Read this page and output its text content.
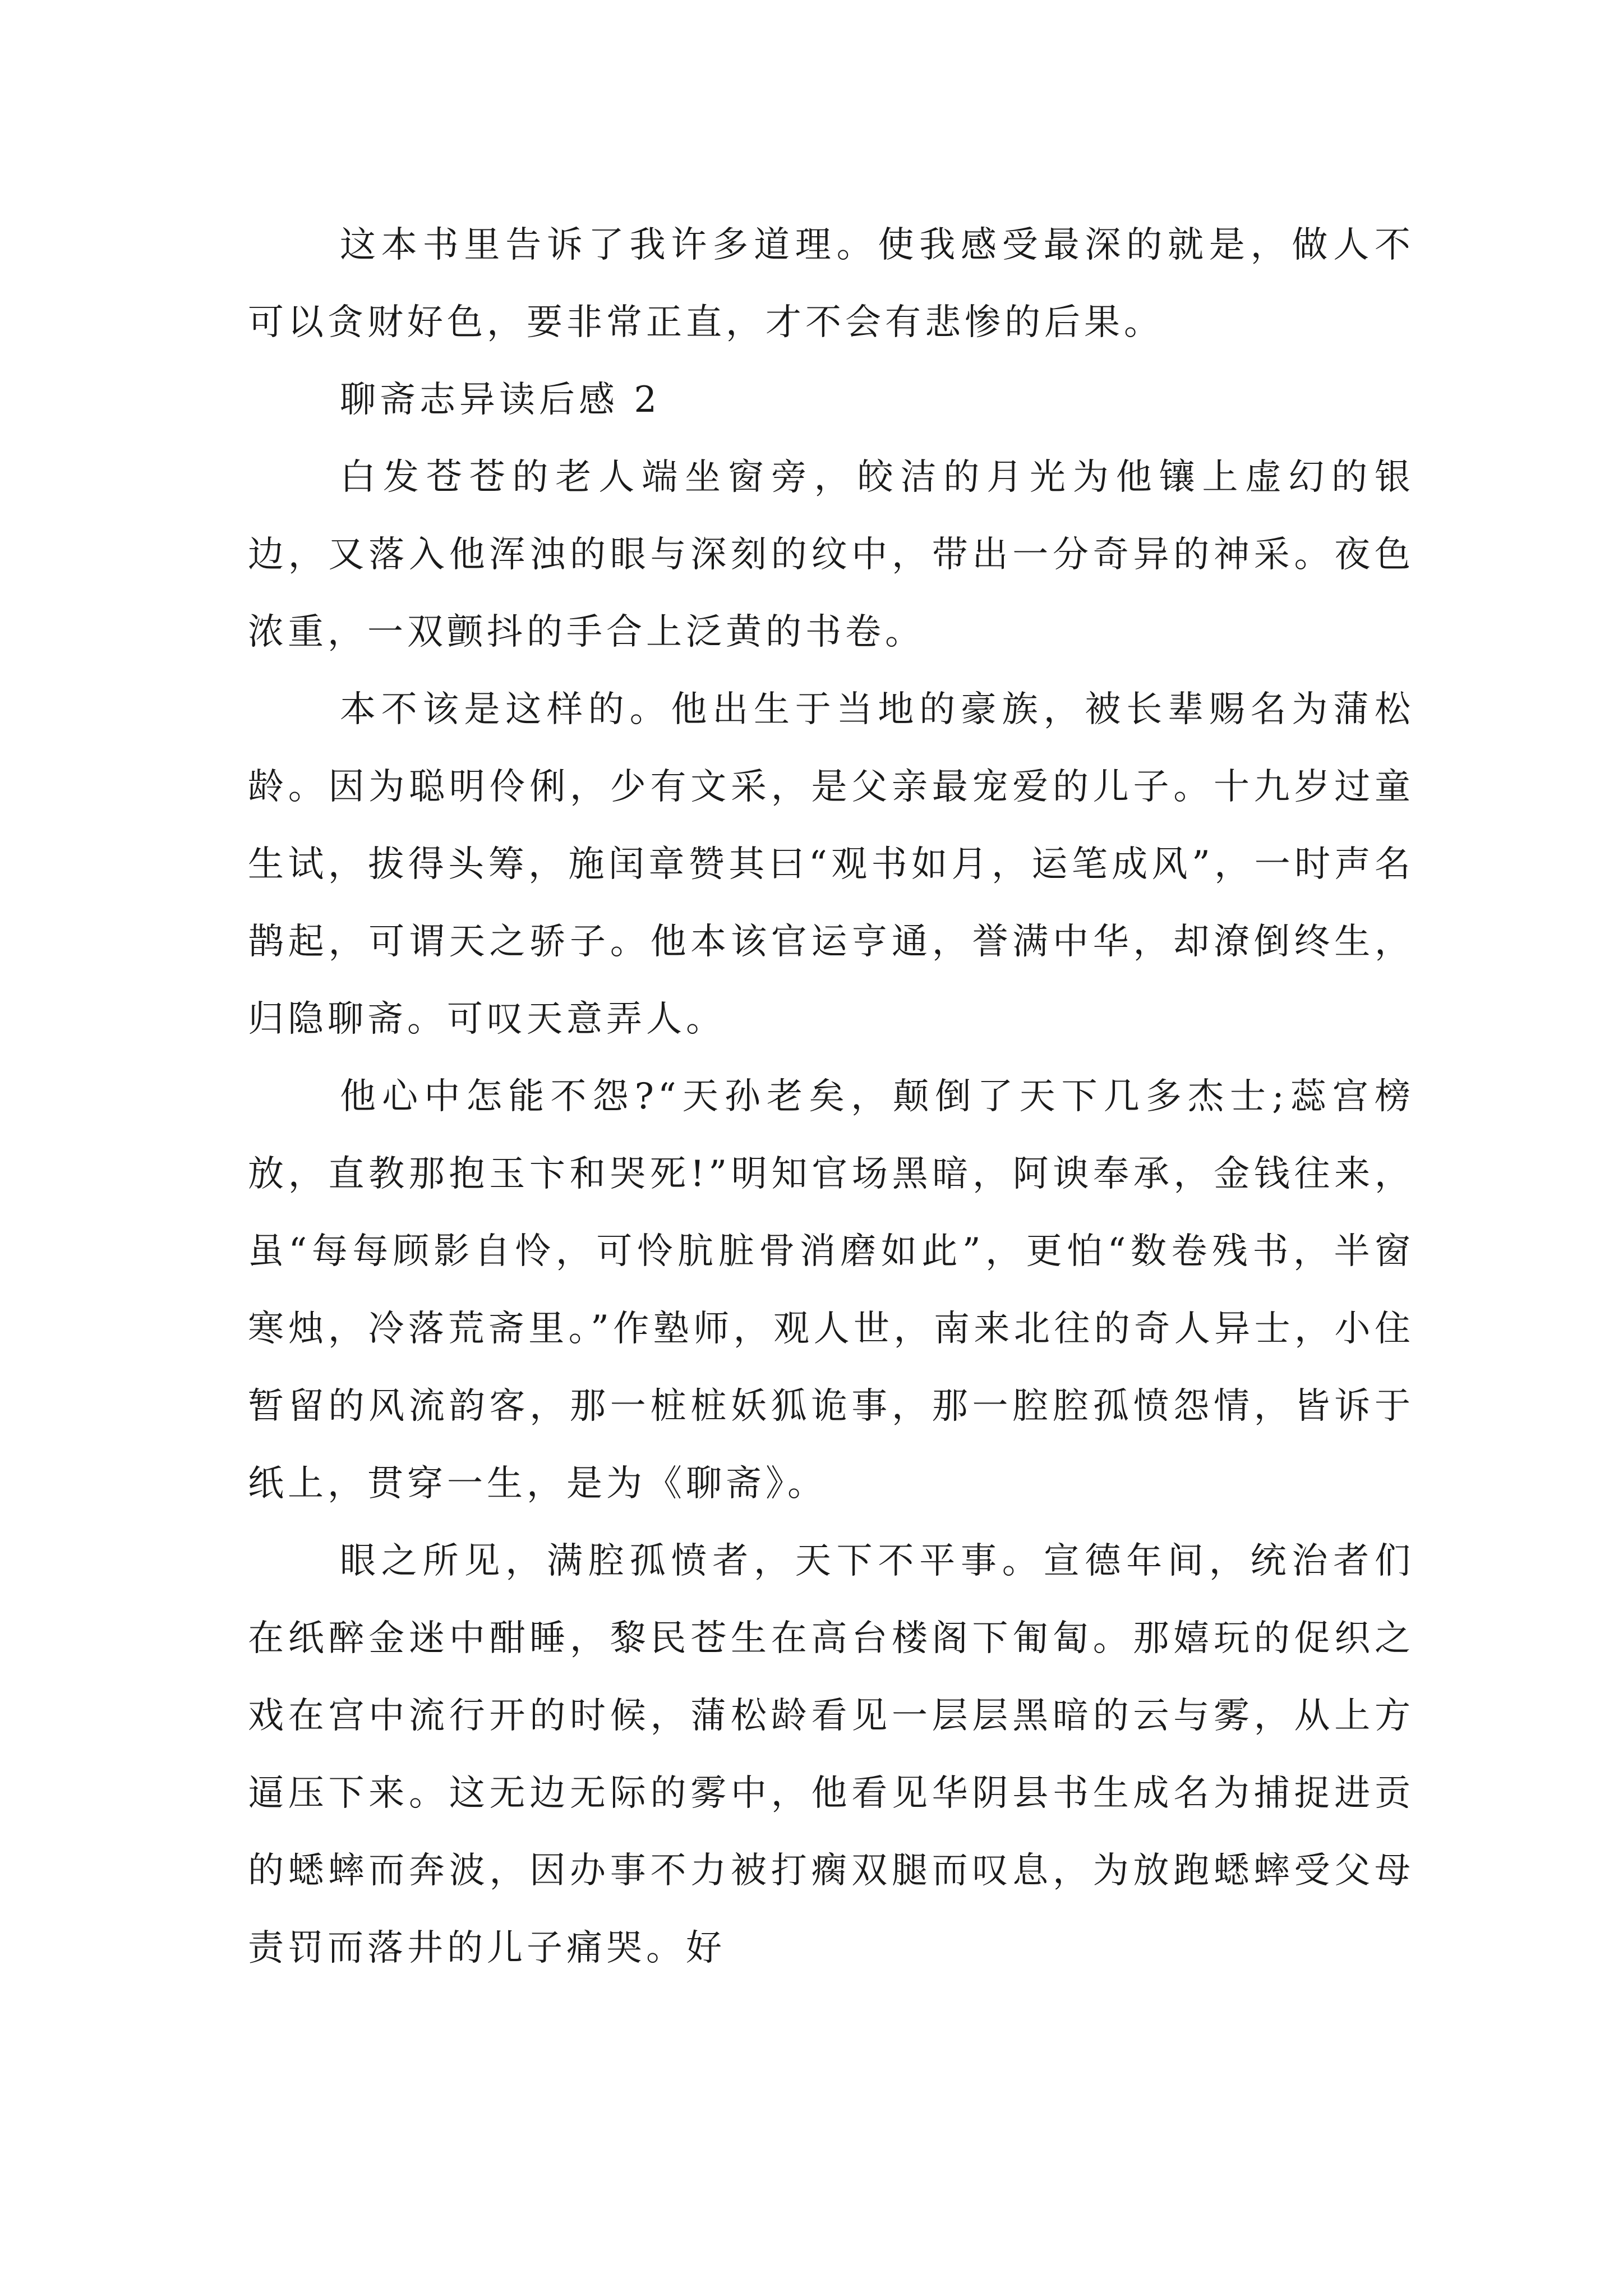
这本书里告诉了我许多道理。使我感受最深的就是，做人不可以贪财好色，要非常正直，才不会有悲惨的后果。

聊斋志异读后感 2

白发苍苍的老人端坐窗旁，皎洁的月光为他镶上虚幻的银边，又落入他浑浊的眼与深刻的纹中，带出一分奇异的神采。夜色浓重，一双颤抖的手合上泛黄的书卷。

本不该是这样的。他出生于当地的豪族，被长辈赐名为蒲松龄。因为聪明伶俐，少有文采，是父亲最宠爱的儿子。十九岁过童生试，拔得头筹，施闰章赞其曰“观书如月，运笔成风”，一时声名鹊起，可谓天之骄子。他本该官运亨通，誉满中华，却潦倒终生，归隐聊斋。可叹天意弄人。

他心中怎能不怨?“天孙老矣，颠倒了天下几多杰士;蕊宫榜放，直教那抱玉卞和哭死!”明知官场黑暗，阿谀奉承，金钱往来，虽“每每顾影自怜，可怜肮脏骨消磨如此”，更怕“数卷残书，半窗寒烛，冷落荒斋里。”作塾师，观人世，南来北往的奇人异士，小住暂留的风流韵客，那一桩桩妖狐诡事，那一腔腔孤愤怨情，皆诉于纸上，贯穿一生，是为《聊斋》。

眼之所见，满腔孤愤者，天下不平事。宣德年间，统治者们在纸醉金迷中酣睡，黎民苍生在高台楼阁下匍匐。那嬉玩的促织之戏在宫中流行开的时候，蒲松龄看见一层层黑暗的云与雾，从上方逼压下来。这无边无际的雾中，他看见华阴县书生成名为捕捉进贡的蟋蟀而奔波，因办事不力被打瘸双腿而叹息，为放跑蟋蟀受父母责罚而落井的儿子痛哭。好
